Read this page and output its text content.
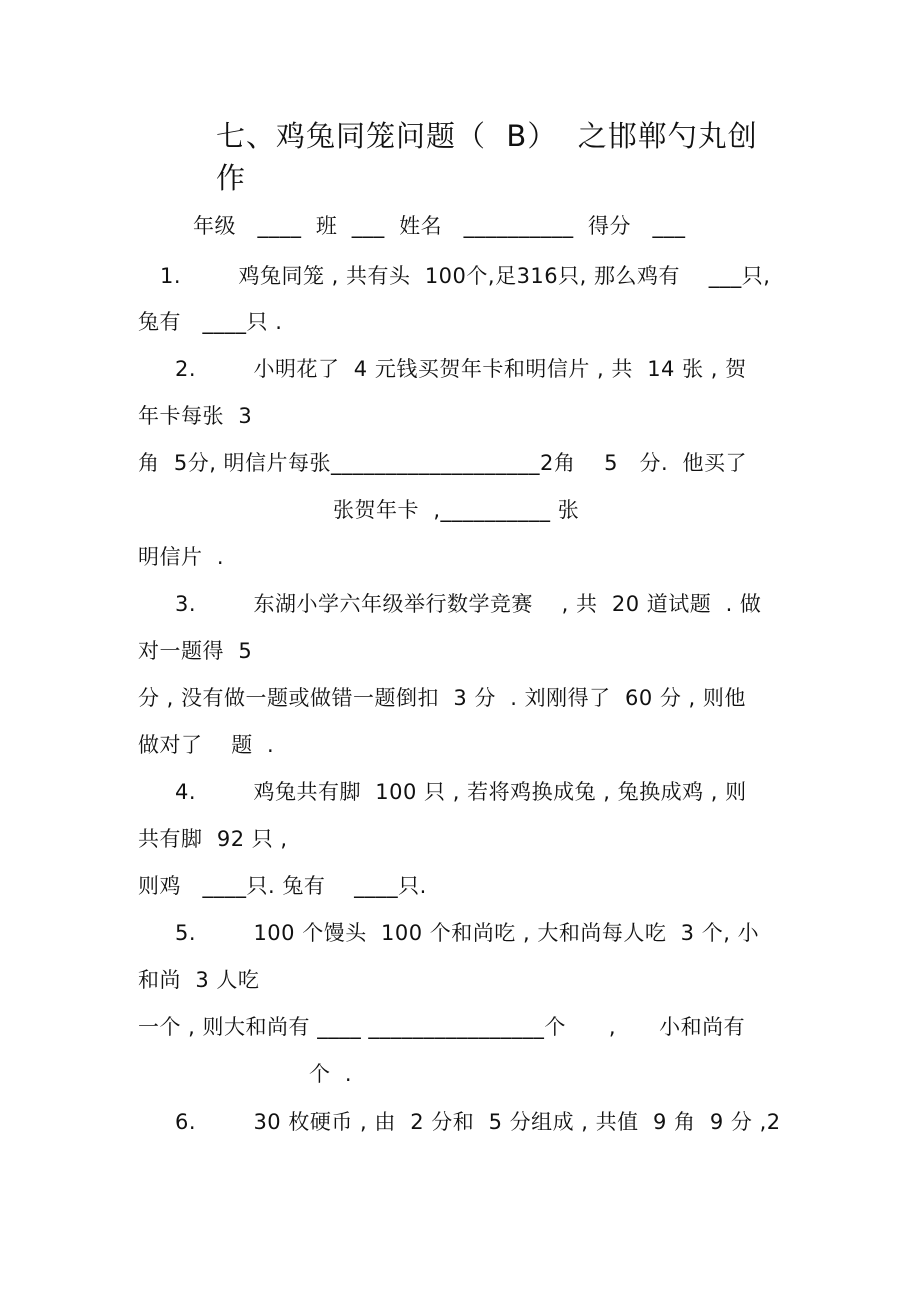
七、鸡兔同笼问题（  B）  之邯郸勺丸创
作
年级   ____  班  ___  姓名   __________  得分   ___
1.        鸡兔同笼 , 共有头  100个,足316只, 那么鸡有    ___只,
兔有   ____只 .
2.        小明花了  4 元钱买贺年卡和明信片 , 共  14 张 , 贺
年卡每张  3
角  5分, 明信片每张___________________2角    5   分.  他买了
张贺年卡  ,__________ 张
明信片  .
3.        东湖小学六年级举行数学竞赛    , 共  20 道试题  . 做
对一题得  5
分 , 没有做一题或做错一题倒扣  3 分  . 刘刚得了  60 分 , 则他
做对了    题  .
4.        鸡兔共有脚  100 只 , 若将鸡换成兔 , 兔换成鸡 , 则
共有脚  92 只 ,
则鸡   ____只. 兔有    ____只.
5.        100 个馒头  100 个和尚吃 , 大和尚每人吃  3 个, 小
和尚  3 人吃
一个 , 则大和尚有 ____ ________________个      ,      小和尚有
个  .
6.        30 枚硬币 , 由  2 分和  5 分组成 , 共值  9 角  9 分 ,2
